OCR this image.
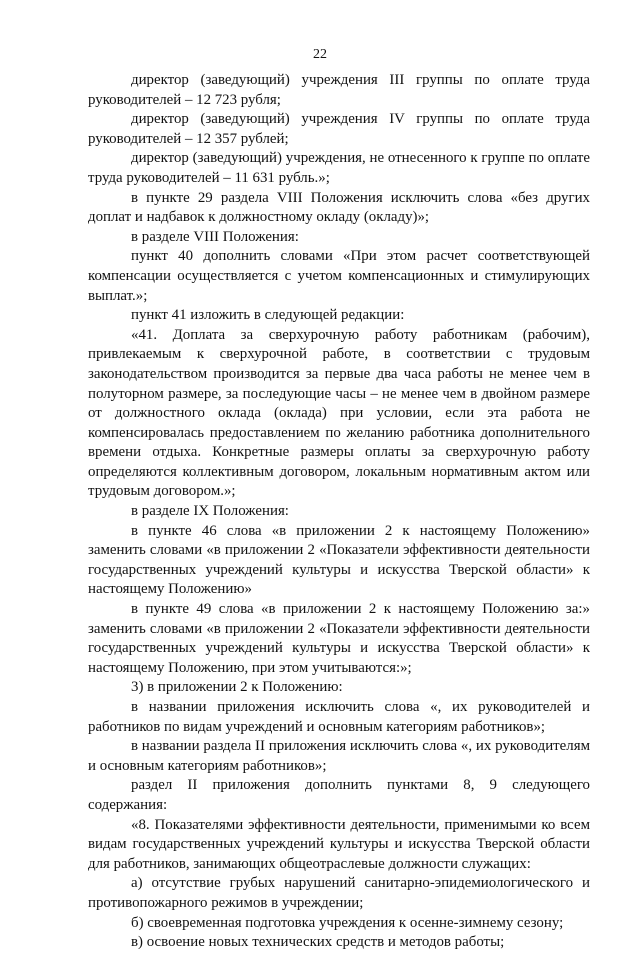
22

директор (заведующий) учреждения III группы по оплате труда руководителей – 12 723 рубля;

директор (заведующий) учреждения IV группы по оплате труда руководителей – 12 357 рублей;

директор (заведующий) учреждения, не отнесенного к группе по оплате труда руководителей – 11 631 рубль.»;

в пункте 29 раздела VIII Положения исключить слова «без других доплат и надбавок к должностному окладу (окладу)»;

в разделе VIII Положения:

пункт 40 дополнить словами «При этом расчет соответствующей компенсации осуществляется с учетом компенсационных и стимулирующих выплат.»;

пункт 41 изложить в следующей редакции:

«41. Доплата за сверхурочную работу работникам (рабочим), привлекаемым к сверхурочной работе, в соответствии с трудовым законодательством производится за первые два часа работы не менее чем в полуторном размере, за последующие часы – не менее чем в двойном размере от должностного оклада (оклада) при условии, если эта работа не компенсировалась предоставлением по желанию работника дополнительного времени отдыха. Конкретные размеры оплаты за сверхурочную работу определяются коллективным договором, локальным нормативным актом или трудовым договором.»;

в разделе IX Положения:

в пункте 46 слова «в приложении 2 к настоящему Положению» заменить словами «в приложении 2 «Показатели эффективности деятельности государственных учреждений культуры и искусства Тверской области» к настоящему Положению»

в пункте 49 слова «в приложении 2 к настоящему Положению за:» заменить словами «в приложении 2 «Показатели эффективности деятельности государственных учреждений культуры и искусства Тверской области» к настоящему Положению, при этом учитываются:»;

3) в приложении 2 к Положению:

в названии приложения исключить слова «, их руководителей и работников по видам учреждений и основным категориям работников»;

в названии раздела II приложения исключить слова «, их руководителям и основным категориям работников»;

раздел II приложения дополнить пунктами 8, 9 следующего содержания:

«8. Показателями эффективности деятельности, применимыми ко всем видам государственных учреждений культуры и искусства Тверской области для работников, занимающих общеотраслевые должности служащих:

а) отсутствие грубых нарушений санитарно-эпидемиологического и противопожарного режимов в учреждении;

б) своевременная подготовка учреждения к осенне-зимнему сезону;

в) освоение новых технических средств и методов работы;
